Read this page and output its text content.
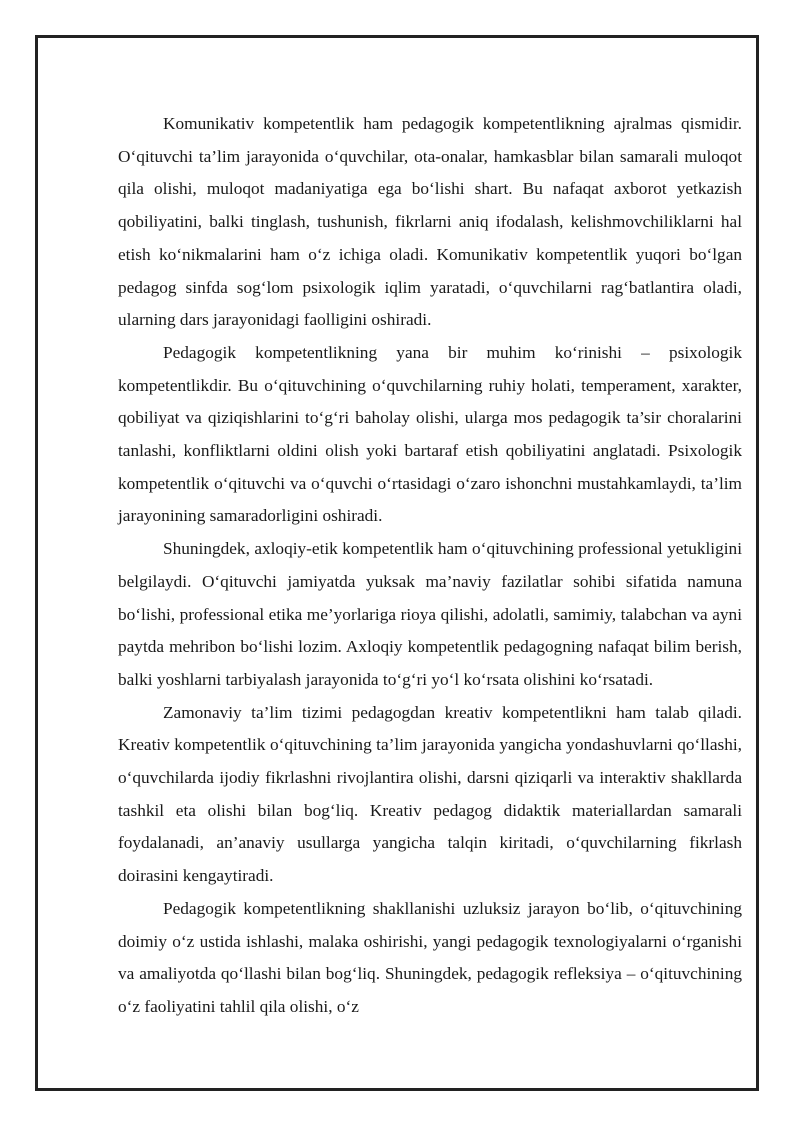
Komunikativ kompetentlik ham pedagogik kompetentlikning ajralmas qismidir. O‘qituvchi ta’lim jarayonida o‘quvchilar, ota-onalar, hamkasblar bilan samarali muloqot qila olishi, muloqot madaniyatiga ega bo‘lishi shart. Bu nafaqat axborot yetkazish qobiliyatini, balki tinglash, tushunish, fikrlarni aniq ifodalash, kelishmovchiliklarni hal etish ko‘nikmalarini ham o‘z ichiga oladi. Komunikativ kompetentlik yuqori bo‘lgan pedagog sinfda sog‘lom psixologik iqlim yaratadi, o‘quvchilarni rag‘batlantira oladi, ularning dars jarayonidagi faolligini oshiradi.

Pedagogik kompetentlikning yana bir muhim ko‘rinishi – psixologik kompetentlikdir. Bu o‘qituvchining o‘quvchilarning ruhiy holati, temperament, xarakter, qobiliyat va qiziqishlarini to‘g‘ri baholay olishi, ularga mos pedagogik ta’sir choralarini tanlashi, konfliktlarni oldini olish yoki bartaraf etish qobiliyatini anglatadi. Psixologik kompetentlik o‘qituvchi va o‘quvchi o‘rtasidagi o‘zaro ishonchni mustahkamlaydi, ta’lim jarayonining samaradorligini oshiradi.

Shuningdek, axloqiy-etik kompetentlik ham o‘qituvchining professional yetukligini belgilaydi. O‘qituvchi jamiyatda yuksak ma’naviy fazilatlar sohibi sifatida namuna bo‘lishi, professional etika me’yorlariga rioya qilishi, adolatli, samimiy, talabchan va ayni paytda mehribon bo‘lishi lozim. Axloqiy kompetentlik pedagogning nafaqat bilim berish, balki yoshlarni tarbiyalash jarayonida to‘g‘ri yo‘l ko‘rsata olishini ko‘rsatadi.

Zamonaviy ta’lim tizimi pedagogdan kreativ kompetentlikni ham talab qiladi. Kreativ kompetentlik o‘qituvchining ta’lim jarayonida yangicha yondashuvlarni qo‘llashi, o‘quvchilarda ijodiy fikrlashni rivojlantira olishi, darsni qiziqarli va interaktiv shakllarda tashkil eta olishi bilan bog‘liq. Kreativ pedagog didaktik materiallardan samarali foydalanadi, an’anaviy usullarga yangicha talqin kiritadi, o‘quvchilarning fikrlash doirasini kengaytiradi.

Pedagogik kompetentlikning shakllanishi uzluksiz jarayon bo‘lib, o‘qituvchining doimiy o‘z ustida ishlashi, malaka oshirishi, yangi pedagogik texnologiyalarni o‘rganishi va amaliyotda qo‘llashi bilan bog‘liq. Shuningdek, pedagogik refleksiya – o‘qituvchining o‘z faoliyatini tahlil qila olishi, o‘z
